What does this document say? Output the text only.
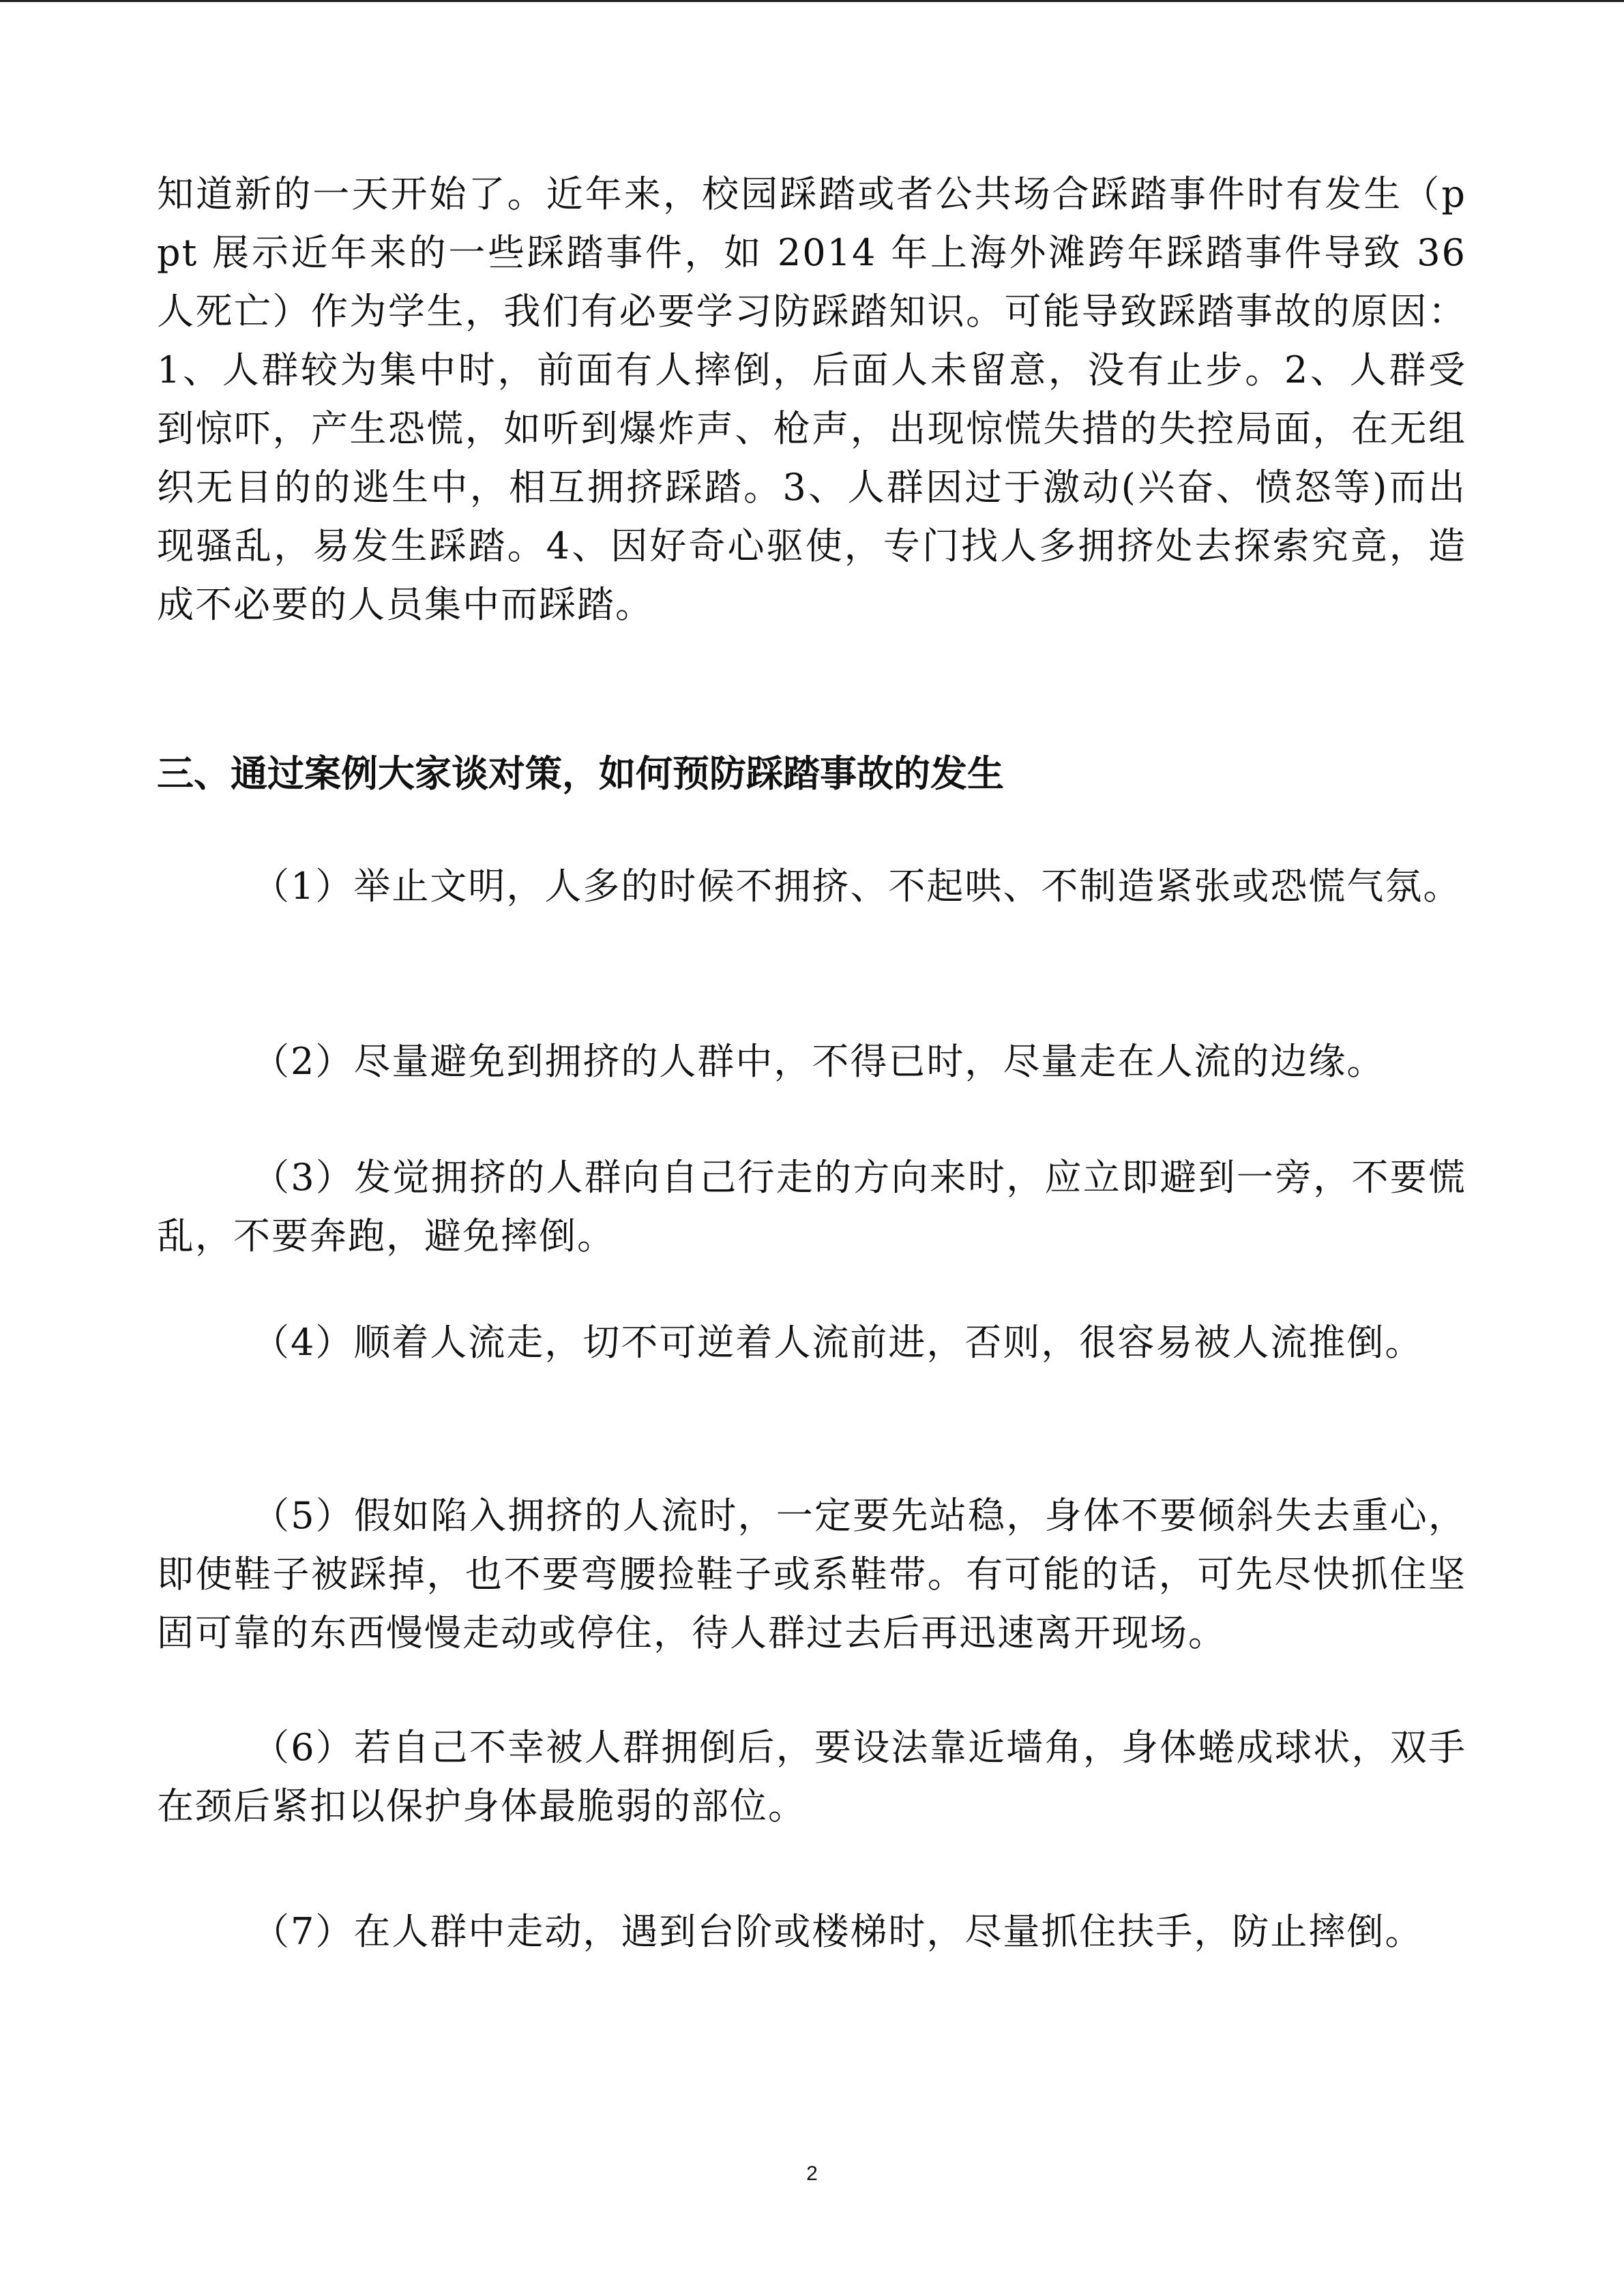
知道新的一天开始了。近年来，校园踩踏或者公共场合踩踏事件时有发生（ppt 展示近年来的一些踩踏事件，如 2014 年上海外滩跨年踩踏事件导致 36 人死亡）作为学生，我们有必要学习防踩踏知识。可能导致踩踏事故的原因：1、人群较为集中时，前面有人摔倒，后面人未留意，没有止步。2、人群受到惊吓，产生恐慌，如听到爆炸声、枪声，出现惊慌失措的失控局面，在无组织无目的的逃生中，相互拥挤踩踏。3、人群因过于激动(兴奋、愤怒等)而出现骚乱，易发生踩踏。4、因好奇心驱使，专门找人多拥挤处去探索究竟，造成不必要的人员集中而踩踏。

三、通过案例大家谈对策，如何预防踩踏事故的发生

（1）举止文明，人多的时候不拥挤、不起哄、不制造紧张或恐慌气氛。

（2）尽量避免到拥挤的人群中，不得已时，尽量走在人流的边缘。

（3）发觉拥挤的人群向自己行走的方向来时，应立即避到一旁，不要慌乱，不要奔跑，避免摔倒。

（4）顺着人流走，切不可逆着人流前进，否则，很容易被人流推倒。

（5）假如陷入拥挤的人流时，一定要先站稳，身体不要倾斜失去重心，即使鞋子被踩掉，也不要弯腰捡鞋子或系鞋带。有可能的话，可先尽快抓住坚固可靠的东西慢慢走动或停住，待人群过去后再迅速离开现场。

（6）若自己不幸被人群拥倒后，要设法靠近墙角，身体蜷成球状，双手在颈后紧扣以保护身体最脆弱的部位。

（7）在人群中走动，遇到台阶或楼梯时，尽量抓住扶手，防止摔倒。

2
